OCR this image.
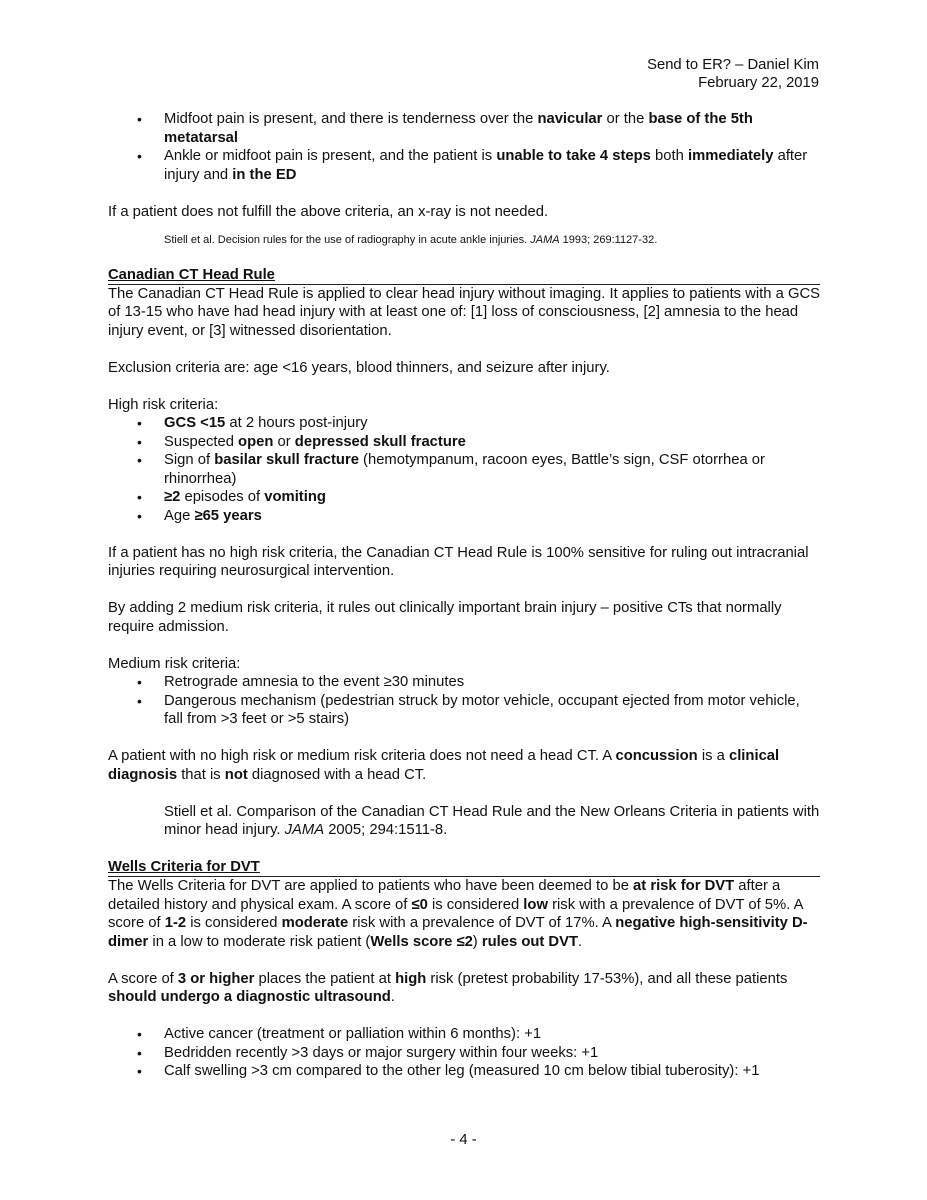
Send to ER? – Daniel Kim
February 22, 2019
• Midfoot pain is present, and there is tenderness over the navicular or the base of the 5th metatarsal
• Ankle or midfoot pain is present, and the patient is unable to take 4 steps both immediately after injury and in the ED

If a patient does not fulfill the above criteria, an x-ray is not needed.

Stiell et al. Decision rules for the use of radiography in acute ankle injuries. JAMA 1993; 269:1127-32.

Canadian CT Head Rule

The Canadian CT Head Rule is applied to clear head injury without imaging. It applies to patients with a GCS of 13-15 who have had head injury with at least one of: [1] loss of consciousness, [2] amnesia to the head injury event, or [3] witnessed disorientation.

Exclusion criteria are: age <16 years, blood thinners, and seizure after injury.

High risk criteria:

• GCS <15 at 2 hours post-injury
• Suspected open or depressed skull fracture
• Sign of basilar skull fracture (hemotympanum, racoon eyes, Battle’s sign, CSF otorrhea or rhinorrhea)
• ≥2 episodes of vomiting
• Age ≥65 years

If a patient has no high risk criteria, the Canadian CT Head Rule is 100% sensitive for ruling out intracranial injuries requiring neurosurgical intervention.

By adding 2 medium risk criteria, it rules out clinically important brain injury – positive CTs that normally require admission.

Medium risk criteria:

• Retrograde amnesia to the event ≥30 minutes
• Dangerous mechanism (pedestrian struck by motor vehicle, occupant ejected from motor vehicle, fall from >3 feet or >5 stairs)

A patient with no high risk or medium risk criteria does not need a head CT. A concussion is a clinical diagnosis that is not diagnosed with a head CT.

Stiell et al. Comparison of the Canadian CT Head Rule and the New Orleans Criteria in patients with minor head injury. JAMA 2005; 294:1511-8.

Wells Criteria for DVT

The Wells Criteria for DVT are applied to patients who have been deemed to be at risk for DVT after a detailed history and physical exam. A score of ≤0 is considered low risk with a prevalence of DVT of 5%. A score of 1-2 is considered moderate risk with a prevalence of DVT of 17%. A negative high-sensitivity D-dimer in a low to moderate risk patient (Wells score ≤2) rules out DVT.

A score of 3 or higher places the patient at high risk (pretest probability 17-53%), and all these patients should undergo a diagnostic ultrasound.

• Active cancer (treatment or palliation within 6 months): +1
• Bedridden recently >3 days or major surgery within four weeks: +1
• Calf swelling >3 cm compared to the other leg (measured 10 cm below tibial tuberosity): +1
- 4 -
